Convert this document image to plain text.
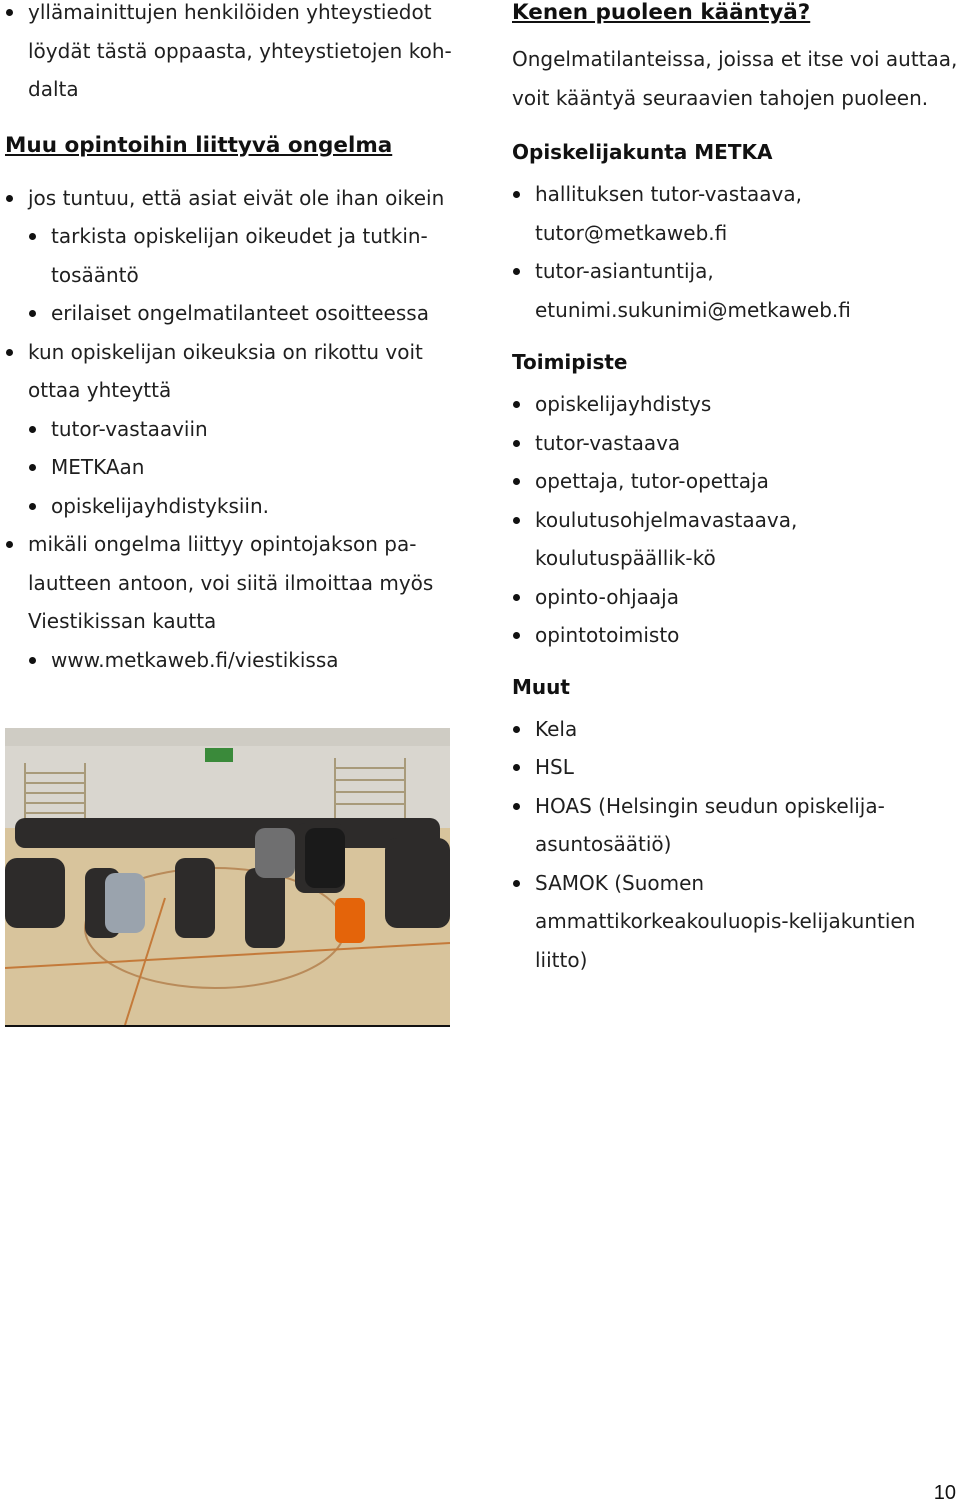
yllämainittujen henkilöiden yhteystiedot löydät tästä oppaasta, yhteystietojen koh-dalta
Muu opintoihin liittyvä ongelma
jos tuntuu, että asiat eivät ole ihan oikein
tarkista opiskelijan oikeudet ja tutkin-tosääntö
erilaiset ongelmatilanteet osoitteessa
kun opiskelijan oikeuksia on rikottu voit ottaa yhteyttä
tutor-vastaaviin
METKAan
opiskelijayhdistyksiin.
mikäli ongelma liittyy opintojakson pa-lautteen antoon, voi siitä ilmoittaa myös Viestikissan kautta
www.metkaweb.fi/viestikissa
Kenen puoleen kääntyä?

Ongelmatilanteissa, joissa et itse voi auttaa, voit kääntyä seuraavien tahojen puoleen.

Opiskelijakunta METKA
hallituksen tutor-vastaava, tutor@metkaweb.fi
tutor-asiantuntija, etunimi.sukunimi@metkaweb.fi
Toimipiste
opiskelijayhdistys
tutor-vastaava
opettaja, tutor-opettaja
koulutusohjelmavastaava, koulutuspäällik-kö
opinto-ohjaaja
opintotoimisto
Muut
Kela
HSL
HOAS (Helsingin seudun opiskelija-asuntosäätiö)
SAMOK (Suomen ammattikorkeakouluopis-kelijakuntien liitto)
10
